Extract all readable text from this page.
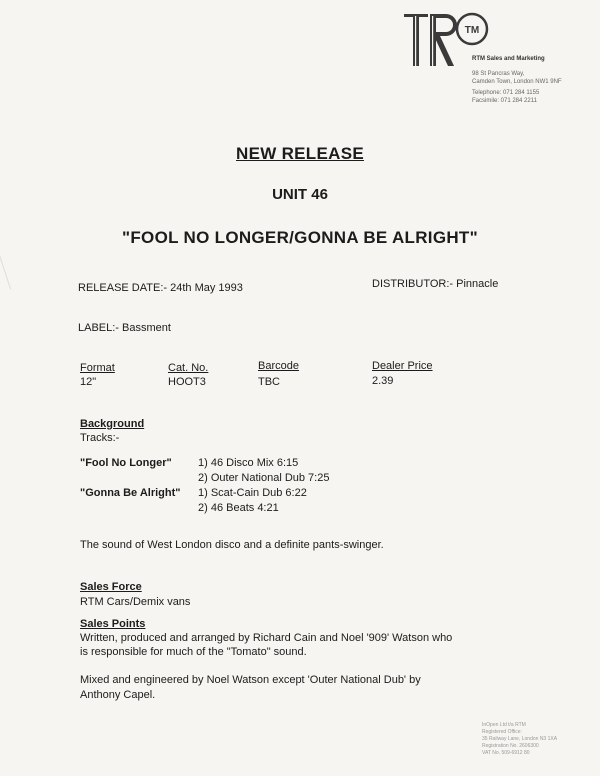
TM
RTM Sales and Marketing
98 St Pancras Way,
Camden Town, London NW1 9NF
Telephone: 071 284 1155
Facsimile: 071 284 2211
NEW RELEASE
UNIT 46
"FOOL NO LONGER/GONNA BE ALRIGHT"
RELEASE DATE:- 24th May 1993	DISTRIBUTOR:- Pinnacle
LABEL:- Bassment
Format	Cat. No.	Barcode	Dealer Price
12"	HOOT3	TBC	2.39
Background
Tracks:-
"Fool No Longer" 1) 46 Disco Mix 6:15
2) Outer National Dub 7:25
"Gonna Be Alright" 1) Scat-Cain Dub 6:22
2) 46 Beats 4:21
The sound of West London disco and a definite pants-swinger.
Sales Force
RTM Cars/Demix vans
Sales Points
Written, produced and arranged by Richard Cain and Noel '909' Watson who
is responsible for much of the "Tomato" sound.
Mixed and engineered by Noel Watson except 'Outer National Dub' by
Anthony Capel.
InOpen Ltd t/a RTM
Registered Office:
35 Railway Lane, London N3 1XA
Registration No. 2606300
VAT No. 509-6912 80
